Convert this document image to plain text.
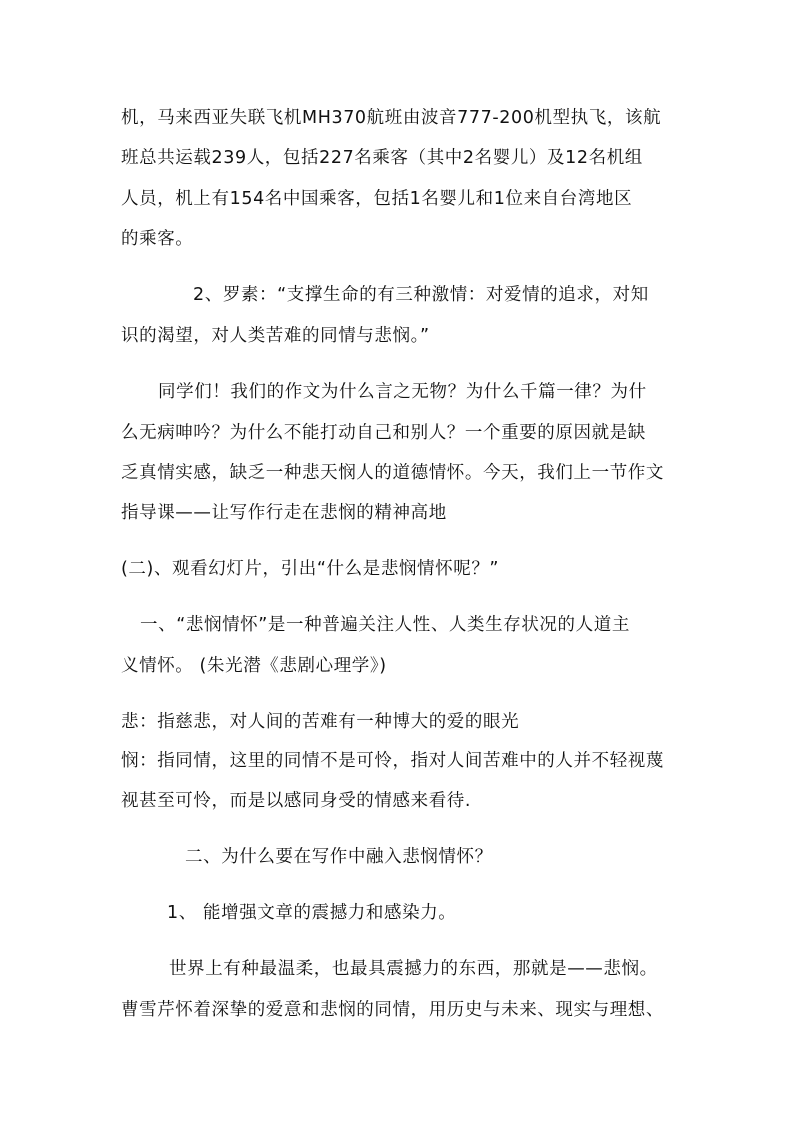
机，马来西亚失联飞机MH370航班由波音777-200机型执飞，该航
班总共运载239人，包括227名乘客（其中2名婴儿）及12名机组
人员，机上有154名中国乘客，包括1名婴儿和1位来自台湾地区
的乘客。
2、罗素：“支撑生命的有三种激情：对爱情的追求，对知
识的渴望，对人类苦难的同情与悲悯。”
同学们！我们的作文为什么言之无物？为什么千篇一律？为什
么无病呻吟？为什么不能打动自己和别人？一个重要的原因就是缺
乏真情实感，缺乏一种悲天悯人的道德情怀。今天，我们上一节作文
指导课——让写作行走在悲悯的精神高地
(二)、观看幻灯片，引出“什么是悲悯情怀呢？”
一、“悲悯情怀”是一种普遍关注人性、人类生存状况的人道主
义情怀。 (朱光潜《悲剧心理学》)
悲：指慈悲，对人间的苦难有一种博大的爱的眼光
悯：指同情，这里的同情不是可怜，指对人间苦难中的人并不轻视蔑
视甚至可怜，而是以感同身受的情感来看待.
二、为什么要在写作中融入悲悯情怀？
1、 能增强文章的震撼力和感染力。
世界上有种最温柔，也最具震撼力的东西，那就是——悲悯。
曹雪芹怀着深挚的爱意和悲悯的同情，用历史与未来、现实与理想、
